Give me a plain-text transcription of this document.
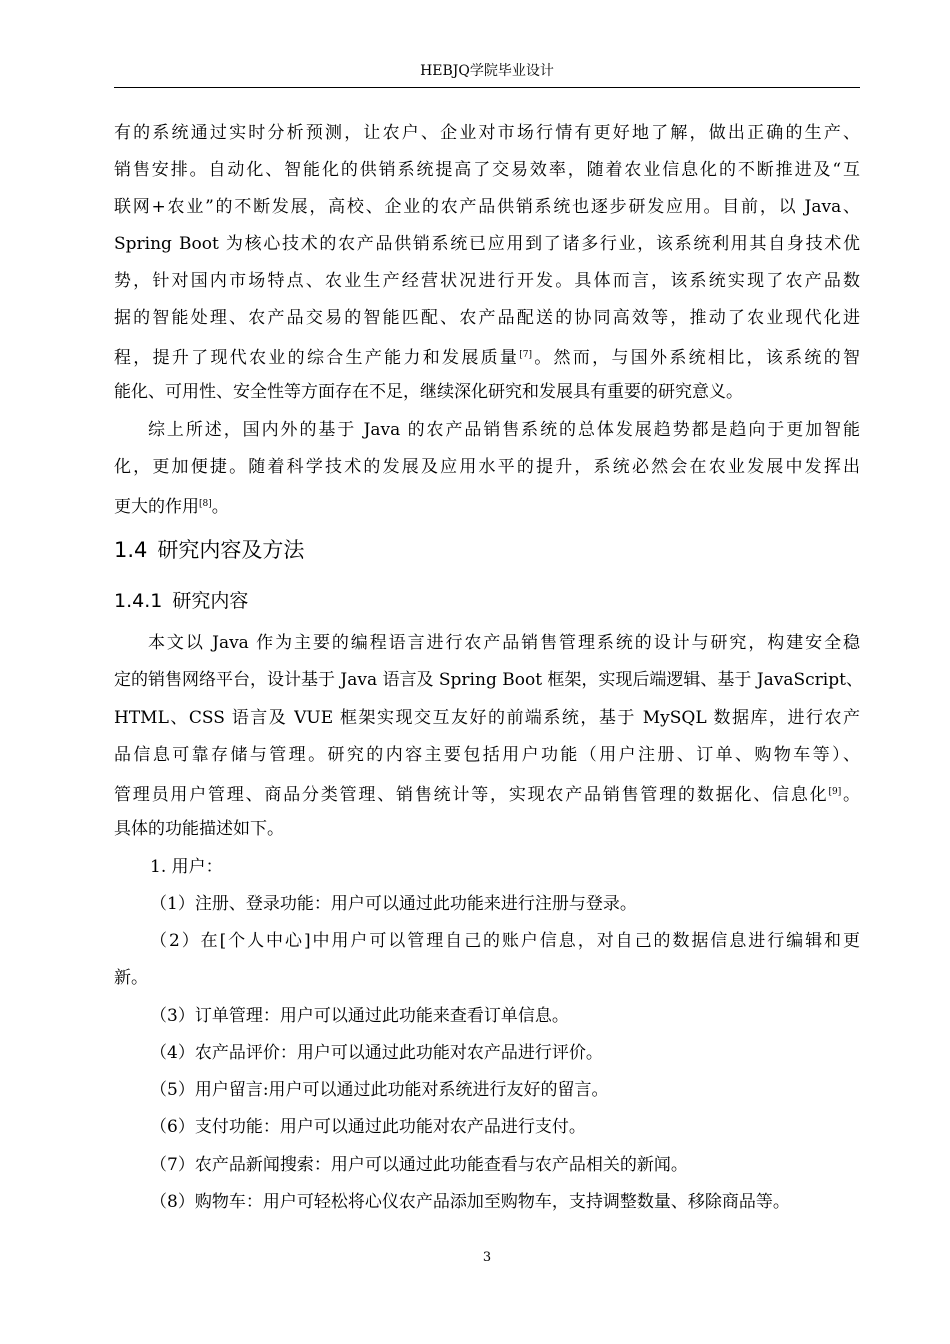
HEBJQ学院毕业设计
有的系统通过实时分析预测，让农户、企业对市场行情有更好地了解，做出正确的生产、
销售安排。自动化、智能化的供销系统提高了交易效率，随着农业信息化的不断推进及“互
联网+农业”的不断发展，高校、企业的农产品供销系统也逐步研发应用。目前，以 Java、
Spring Boot 为核心技术的农产品供销系统已应用到了诸多行业，该系统利用其自身技术优
势，针对国内市场特点、农业生产经营状况进行开发。具体而言，该系统实现了农产品数
据的智能处理、农产品交易的智能匹配、农产品配送的协同高效等，推动了农业现代化进
程，提升了现代农业的综合生产能力和发展质量[7]。然而，与国外系统相比，该系统的智
能化、可用性、安全性等方面存在不足，继续深化研究和发展具有重要的研究意义。
综上所述，国内外的基于 Java 的农产品销售系统的总体发展趋势都是趋向于更加智能
化，更加便捷。随着科学技术的发展及应用水平的提升，系统必然会在农业发展中发挥出
更大的作用[8]。
1.4 研究内容及方法
1.4.1 研究内容
本文以 Java 作为主要的编程语言进行农产品销售管理系统的设计与研究，构建安全稳
定的销售网络平台，设计基于 Java 语言及 Spring Boot 框架，实现后端逻辑、基于 JavaScript、
HTML、CSS 语言及 VUE 框架实现交互友好的前端系统，基于 MySQL 数据库，进行农产
品信息可靠存储与管理。研究的内容主要包括用户功能（用户注册、订单、购物车等）、
管理员用户管理、商品分类管理、销售统计等，实现农产品销售管理的数据化、信息化[9]。
具体的功能描述如下。
1. 用户：
（1）注册、登录功能：用户可以通过此功能来进行注册与登录。
（2）在[个人中心]中用户可以管理自己的账户信息，对自己的数据信息进行编辑和更
新。
（3）订单管理：用户可以通过此功能来查看订单信息。
（4）农产品评价：用户可以通过此功能对农产品进行评价。
（5）用户留言:用户可以通过此功能对系统进行友好的留言。
（6）支付功能：用户可以通过此功能对农产品进行支付。
（7）农产品新闻搜索：用户可以通过此功能查看与农产品相关的新闻。
（8）购物车：用户可轻松将心仪农产品添加至购物车，支持调整数量、移除商品等。
3
